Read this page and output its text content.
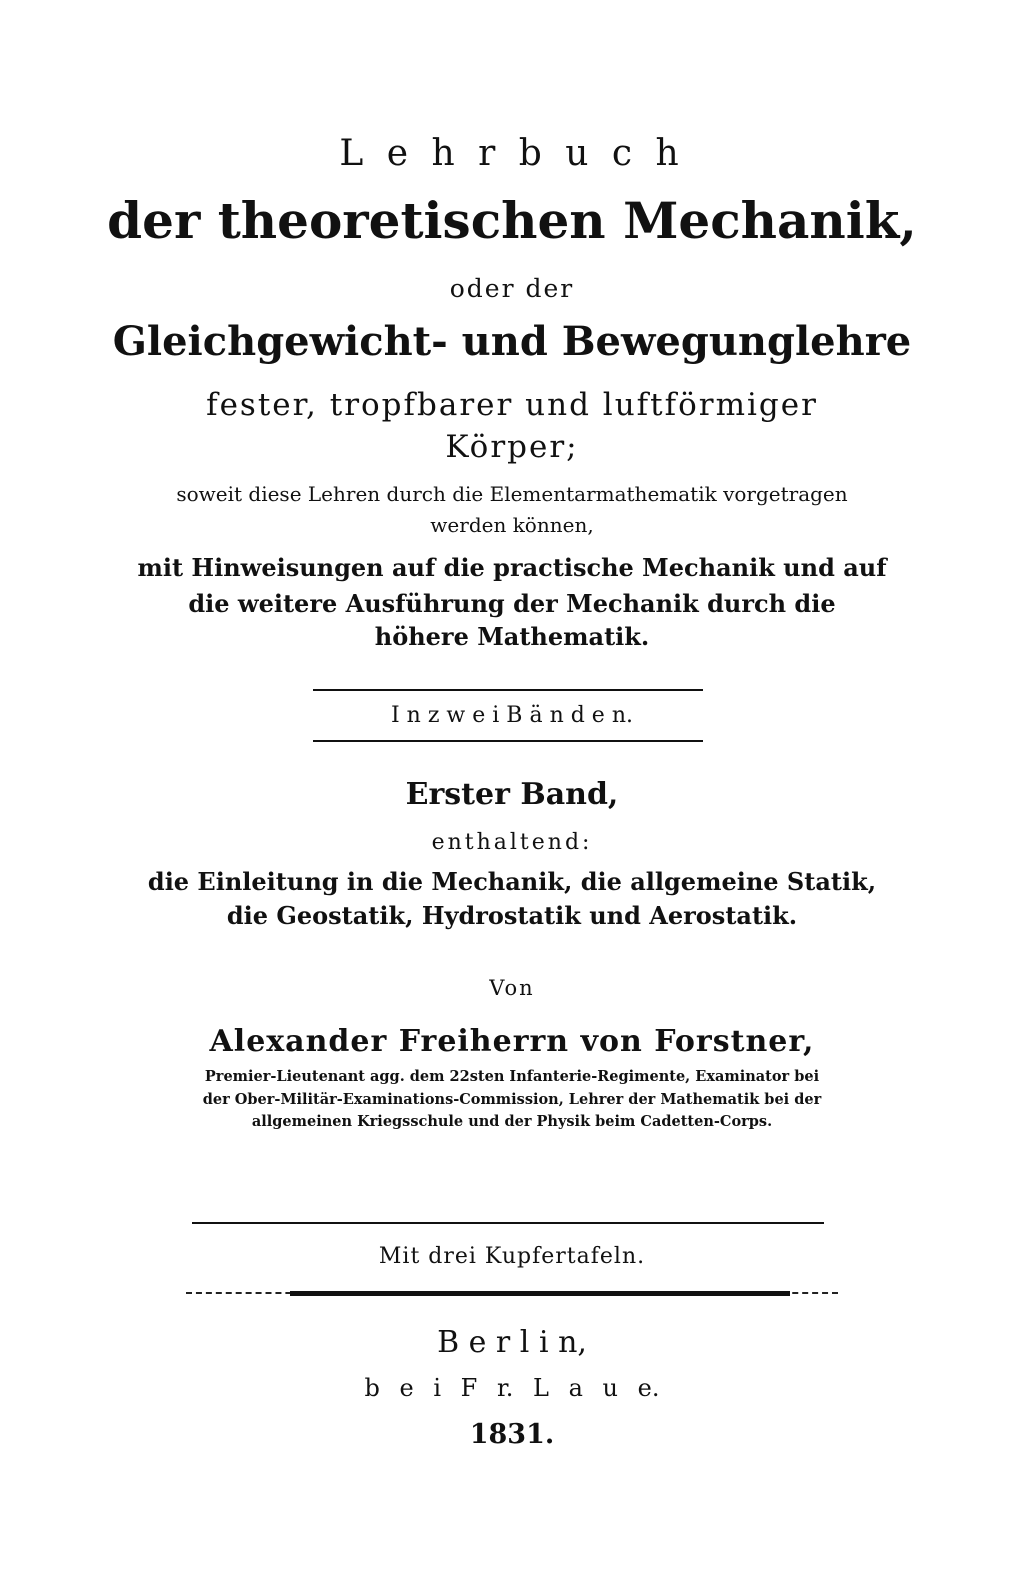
L e h r b u c h
der theoretischen Mechanik,
oder der
Gleichgewicht- und Bewegunglehre
fester, tropfbarer und luftförmiger
Körper;
soweit diese Lehren durch die Elementarmathematik vorgetragen
werden können,
mit Hinweisungen auf die practische Mechanik und auf
die weitere Ausführung der Mechanik durch die
höhere Mathematik.
I n z w e i B ä n d e n.
Erster Band,
enthaltend:
die Einleitung in die Mechanik, die allgemeine Statik,
die Geostatik, Hydrostatik und Aerostatik.
Von
Alexander Freiherrn von Forstner,
Premier-Lieutenant agg. dem 22sten Infanterie-Regimente, Examinator bei
der Ober-Militär-Examinations-Commission, Lehrer der Mathematik bei der
allgemeinen Kriegsschule und der Physik beim Cadetten-Corps.
Mit drei Kupfertafeln.
B e r l i n,
b e i F r. L a u e.
1831.
